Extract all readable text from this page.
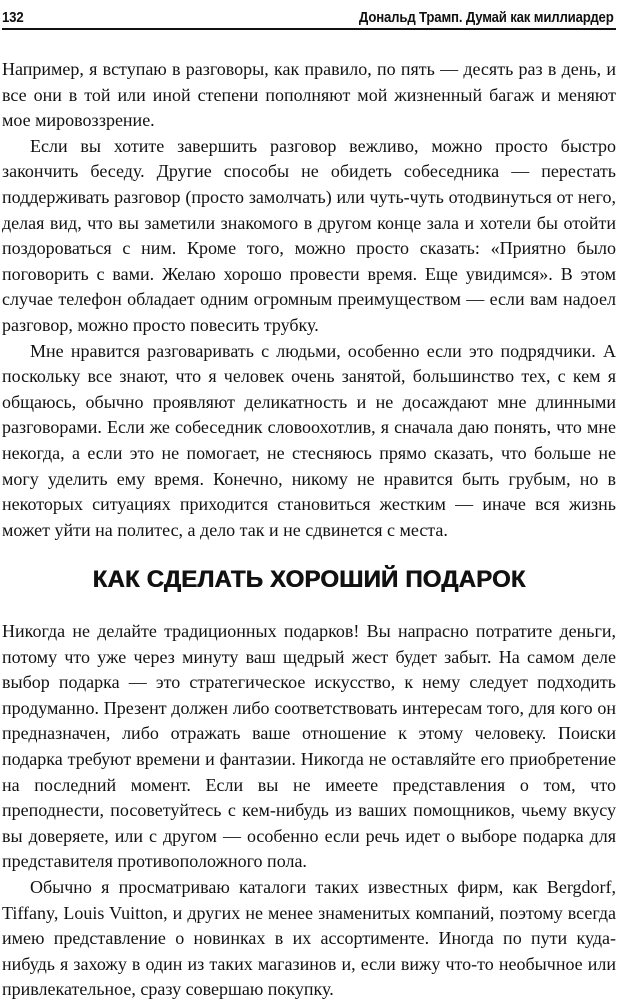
132	Дональд Трамп. Думай как миллиардер

Например, я вступаю в разговоры, как правило, по пять — десять раз в день, и все они в той или иной степени пополняют мой жизненный багаж и меняют мое мировоззрение.

Если вы хотите завершить разговор вежливо, можно просто быстро закончить беседу. Другие способы не обидеть собеседника — перестать поддерживать разговор (просто замолчать) или чуть-чуть отодвинуться от него, делая вид, что вы заметили знакомого в другом конце зала и хотели бы отойти поздороваться с ним. Кроме того, можно просто сказать: «Приятно было поговорить с вами. Желаю хорошо провести время. Еще увидимся». В этом случае телефон обладает одним огромным преимуществом — если вам надоел разговор, можно просто повесить трубку.

Мне нравится разговаривать с людьми, особенно если это подрядчики. А поскольку все знают, что я человек очень занятой, большинство тех, с кем я общаюсь, обычно проявляют деликатность и не досаждают мне длинными разговорами. Если же собеседник словоохотлив, я сначала даю понять, что мне некогда, а если это не помогает, не стесняюсь прямо сказать, что больше не могу уделить ему время. Конечно, никому не нравится быть грубым, но в некоторых ситуациях приходится становиться жестким — иначе вся жизнь может уйти на политес, а дело так и не сдвинется с места.

КАК СДЕЛАТЬ ХОРОШИЙ ПОДАРОК

Никогда не делайте традиционных подарков! Вы напрасно потратите деньги, потому что уже через минуту ваш щедрый жест будет забыт. На самом деле выбор подарка — это стратегическое искусство, к нему следует подходить продуманно. Презент должен либо соответствовать интересам того, для кого он предназначен, либо отражать ваше отношение к этому человеку. Поиски подарка требуют времени и фантазии. Никогда не оставляйте его приобретение на последний момент. Если вы не имеете представления о том, что преподнести, посоветуйтесь с кем-нибудь из ваших помощников, чьему вкусу вы доверяете, или с другом — особенно если речь идет о выборе подарка для представителя противоположного пола.

Обычно я просматриваю каталоги таких известных фирм, как Bergdorf, Tiffany, Louis Vuitton, и других не менее знаменитых компаний, поэтому всегда имею представление о новинках в их ассортименте. Иногда по пути куда-нибудь я захожу в один из таких магазинов и, если вижу что-то необычное или привлекательное, сразу совершаю покупку.
